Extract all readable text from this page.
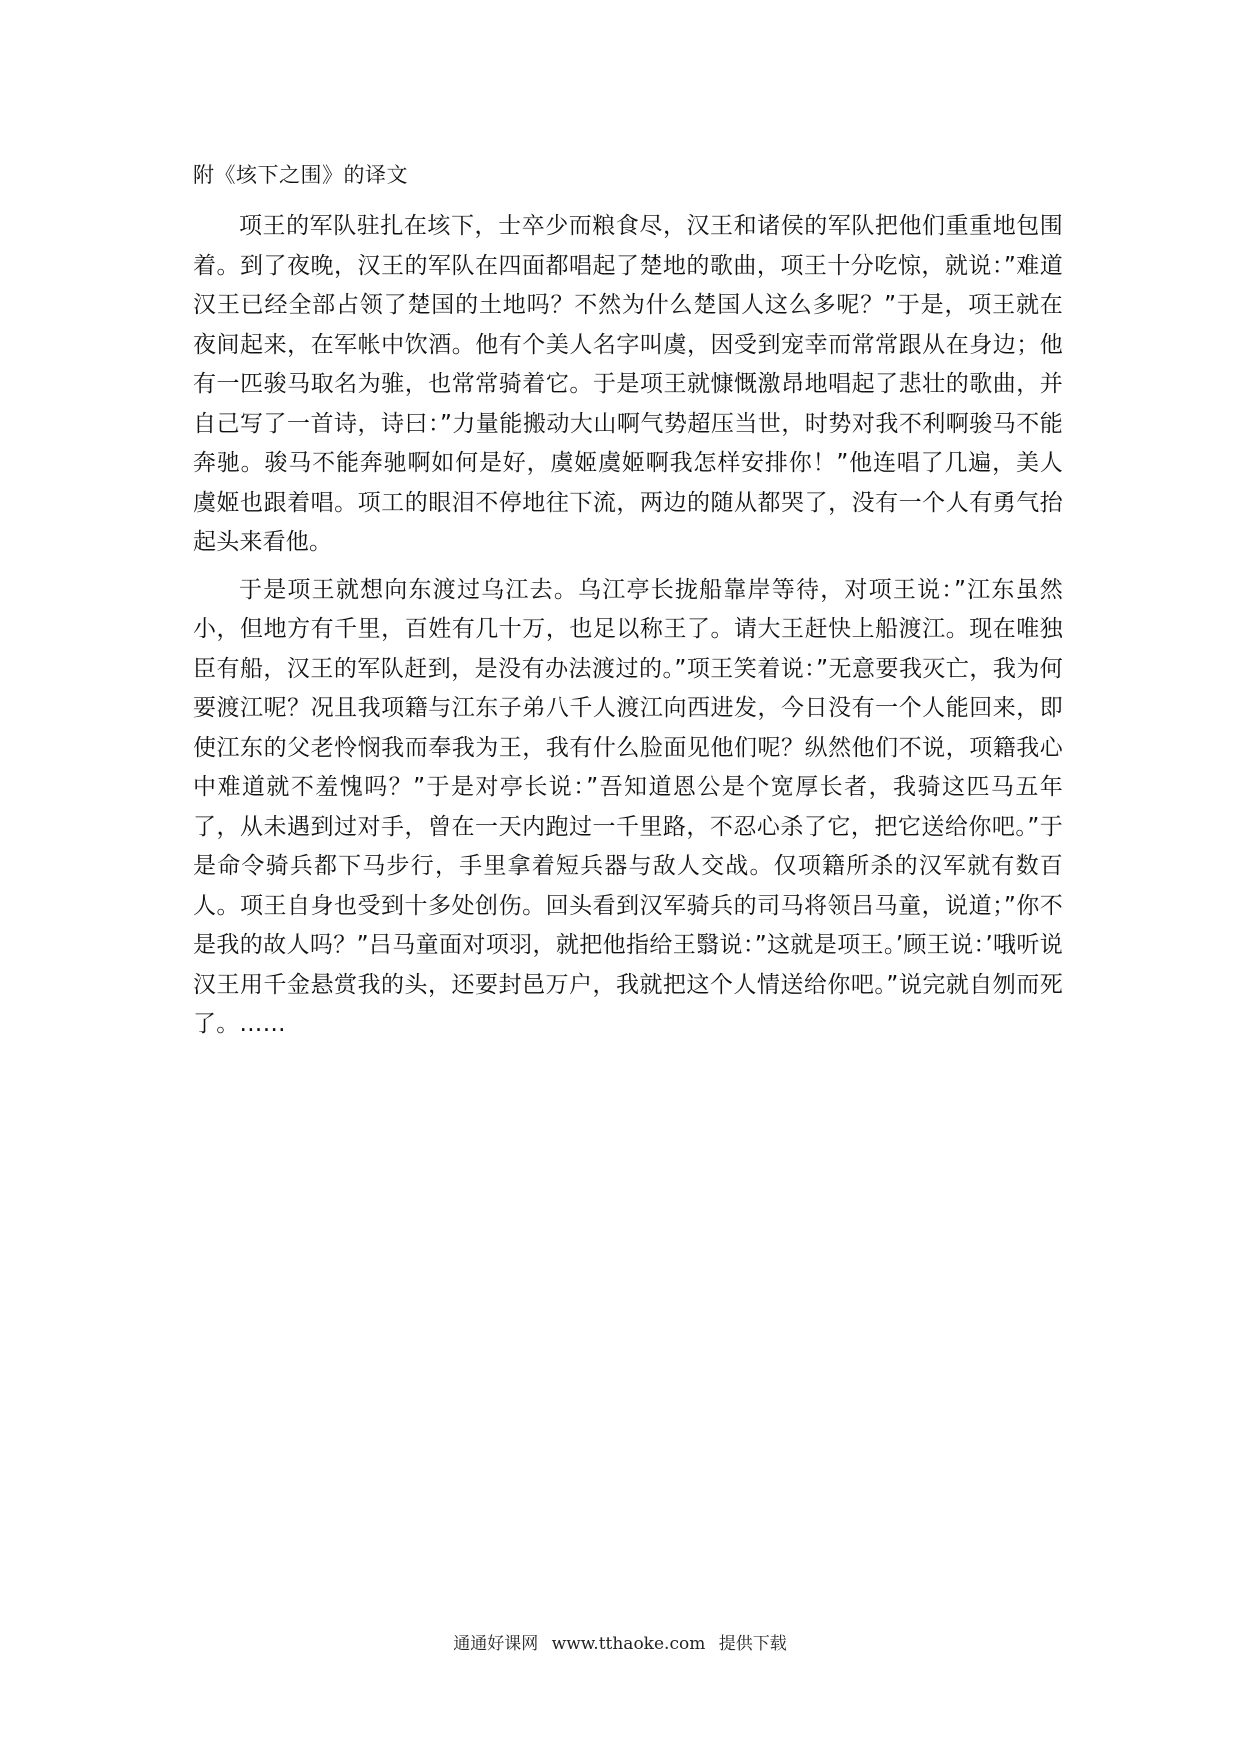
附《垓下之围》的译文

项王的军队驻扎在垓下，士卒少而粮食尽，汉王和诸侯的军队把他们重重地包围着。到了夜晚，汉王的军队在四面都唱起了楚地的歌曲，项王十分吃惊，就说：”难道汉王已经全部占领了楚国的土地吗？不然为什么楚国人这么多呢？”于是，项王就在夜间起来，在军帐中饮酒。他有个美人名字叫虞，因受到宠幸而常常跟从在身边；他有一匹骏马取名为骓，也常常骑着它。于是项王就慷慨激昂地唱起了悲壮的歌曲，并自己写了一首诗，诗曰：”力量能搬动大山啊气势超压当世，时势对我不利啊骏马不能奔驰。骏马不能奔驰啊如何是好，虞姬虞姬啊我怎样安排你！”他连唱了几遍，美人虞姬也跟着唱。项工的眼泪不停地往下流，两边的随从都哭了，没有一个人有勇气抬起头来看他。

于是项王就想向东渡过乌江去。乌江亭长拢船靠岸等待，对项王说：”江东虽然小，但地方有千里，百姓有几十万，也足以称王了。请大王赶快上船渡江。现在唯独臣有船，汉王的军队赶到，是没有办法渡过的。”项王笑着说：”无意要我灭亡，我为何要渡江呢？况且我项籍与江东子弟八千人渡江向西进发，今日没有一个人能回来，即使江东的父老怜悯我而奉我为王，我有什么脸面见他们呢？纵然他们不说，项籍我心中难道就不羞愧吗？”于是对亭长说：”吾知道恩公是个宽厚长者，我骑这匹马五年了，从未遇到过对手，曾在一天内跑过一千里路，不忍心杀了它，把它送给你吧。”于是命令骑兵都下马步行，手里拿着短兵器与敌人交战。仅项籍所杀的汉军就有数百人。项王自身也受到十多处创伤。回头看到汉军骑兵的司马将领吕马童，说道；”你不是我的故人吗？”吕马童面对项羽，就把他指给王翳说：”这就是项王。’顾王说：’哦听说汉王用千金悬赏我的头，还要封邑万户，我就把这个人情送给你吧。”说完就自刎而死了。……

通通好课网 www.tthaoke.com 提供下载
